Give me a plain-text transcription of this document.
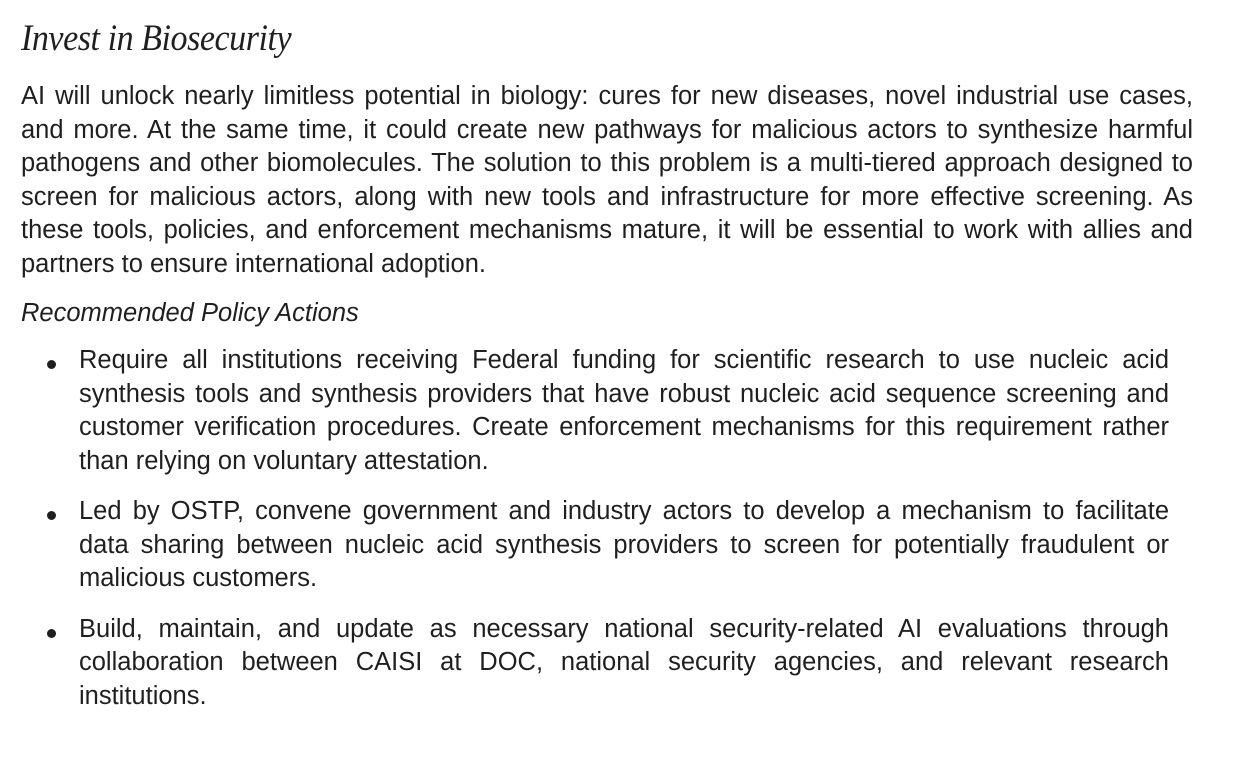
Invest in Biosecurity

AI will unlock nearly limitless potential in biology: cures for new diseases, novel industrial use cases, and more. At the same time, it could create new pathways for malicious actors to synthesize harmful pathogens and other biomolecules. The solution to this problem is a multi-tiered approach designed to screen for malicious actors, along with new tools and infrastructure for more effective screening. As these tools, policies, and enforcement mechanisms mature, it will be essential to work with allies and partners to ensure international adoption.

Recommended Policy Actions

Require all institutions receiving Federal funding for scientific research to use nucleic acid synthesis tools and synthesis providers that have robust nucleic acid sequence screening and customer verification procedures. Create enforcement mechanisms for this requirement rather than relying on voluntary attestation.
Led by OSTP, convene government and industry actors to develop a mechanism to facilitate data sharing between nucleic acid synthesis providers to screen for potentially fraudulent or malicious customers.
Build, maintain, and update as necessary national security-related AI evaluations through collaboration between CAISI at DOC, national security agencies, and relevant research institutions.
